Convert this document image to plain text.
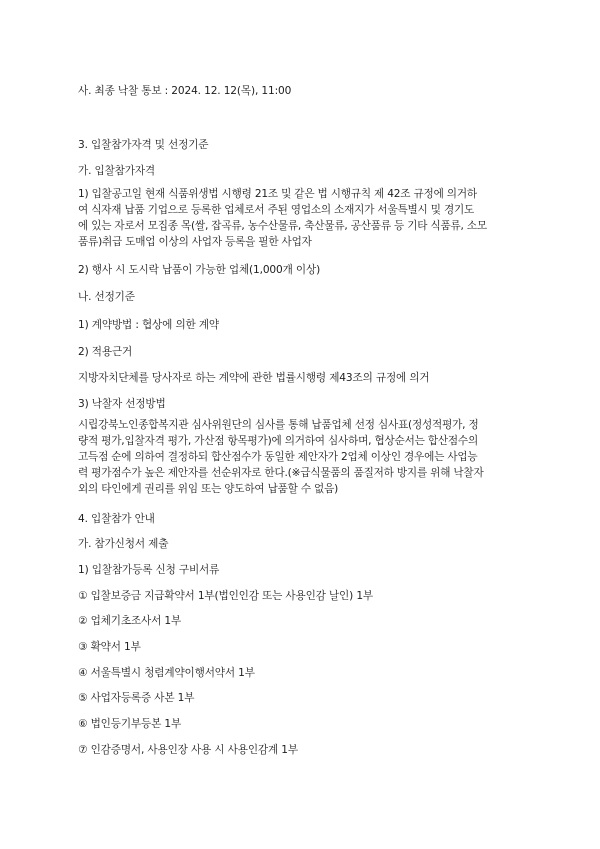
사. 최종 낙찰 통보 : 2024. 12. 12(목), 11:00
3. 입찰참가자격 및 선정기준
가. 입찰참가자격
1) 입찰공고일 현재 식품위생법 시행령 21조 및 같은 법 시행규칙 제 42조 규정에 의거하
여 식자재 납품 기업으로 등록한 업체로서 주된 영업소의 소재지가 서울특별시 및 경기도
에 있는 자로서 모집종 목(쌀, 잡곡류, 농수산물류, 축산물류, 공산품류 등 기타 식품류, 소모
품류)취급 도매업 이상의 사업자 등록을 필한 사업자
2) 행사 시 도시락 납품이 가능한 업체(1,000개 이상)
나. 선정기준
1) 계약방법 : 협상에 의한 계약
2) 적용근거
지방자치단체를 당사자로 하는 계약에 관한 법률시행령 제43조의 규정에 의거
3) 낙찰자 선정방법
시립강북노인종합복지관 심사위원단의 심사를 통해 납품업체 선정 심사표(정성적평가, 정
량적 평가,입찰자격 평가, 가산점 항목평가)에 의거하여 심사하며, 협상순서는 합산점수의
고득점 순에 의하여 결정하되 합산점수가 동일한 제안자가 2업체 이상인 경우에는 사업능
력 평가점수가 높은 제안자를 선순위자로 한다.(※급식물품의 품질저하 방지를 위해 낙찰자
외의 타인에게 권리를 위임 또는 양도하여 납품할 수 없음)
4. 입찰참가 안내
가. 참가신청서 제출
1) 입찰참가등록 신청 구비서류
① 입찰보증금 지급확약서 1부(법인인감 또는 사용인감 날인) 1부
② 업체기초조사서 1부
③ 확약서 1부
④ 서울특별시 청렴계약이행서약서 1부
⑤ 사업자등록증 사본 1부
⑥ 법인등기부등본 1부
⑦ 인감증명서, 사용인장 사용 시 사용인감계 1부
